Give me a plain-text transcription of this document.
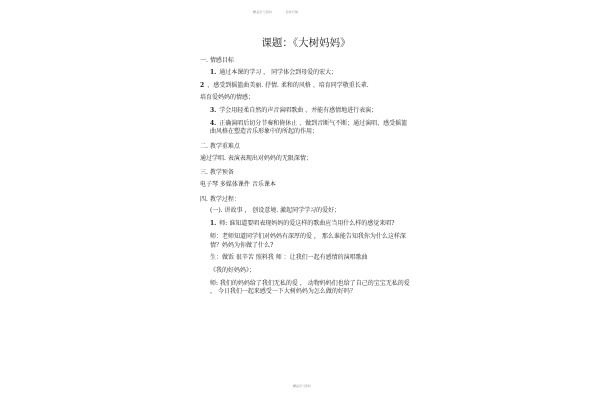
精品学习资料	名师归纳
课题：《大树妈妈》
一. 情感目标
1. 通过本课的学习 ， 同学体会到母爱的宏大；
2 、感受到摇篮曲美丽. 抒情. 柔和的风格 、培育同学敬重长辈.
培育爱妈妈的情感；
3. 学会用轻柔自然的声音演唱歌曲 、并能有感情地进行表演；
4. 正确演唱后切分节奏和倚休止 、做到音断气不断；通过演唱、感受摇篮曲风格在塑造音乐形象中的所起的作用；
二. 教学重难点
通过学唱. 表演表现出对妈妈的无限深情；
三. 教学预备
电子琴 多媒体课件 音乐课本
四. 教学过程：
(一). 讲故事 ， 创设意境. 激起同学学习的爱好；
1. 师: 谁知道要唱表现妈妈的爱这样的歌曲应当用什么样的感觉来唱?
师：老师知道同学们对妈妈有深厚的爱 ， 那么谁能告知我你为什么这样深情？妈妈为你做了什么?
生：做饭 很辛苦 照料我 师 ：让我们一起有感情的演唱歌曲
《我的好妈妈》；
师: 我们的妈妈给了我们无私的爱 ， 动物妈妈们也给了自己的宝宝无私的爱 ， 今日我们一起来感受一下大树妈妈为怎么做的好吗？
精品学习资料
